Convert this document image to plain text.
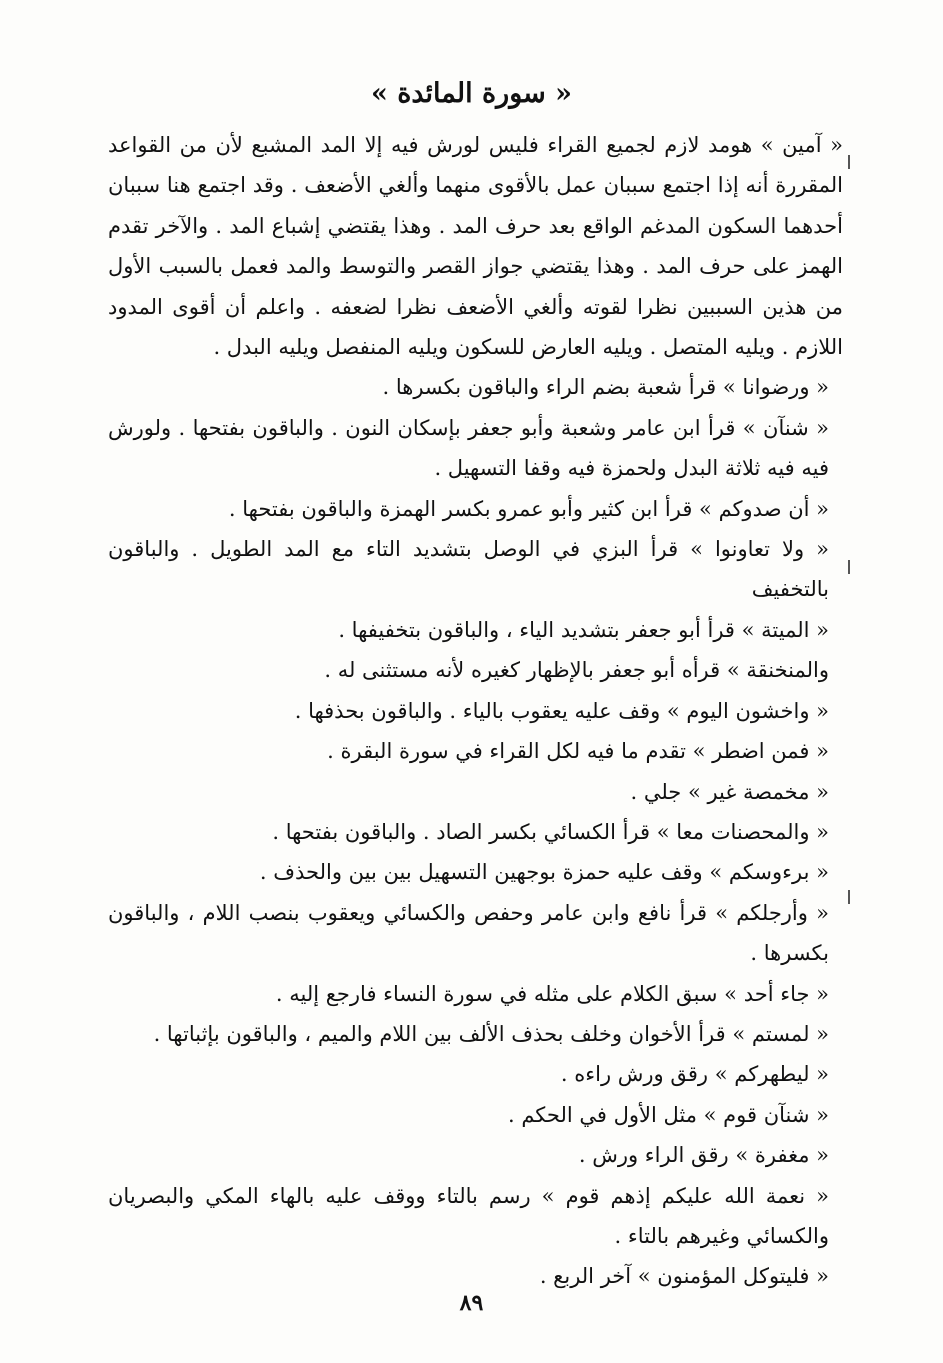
« سورة المائدة »

« آمين » هومد لازم لجميع القراء فليس لورش فيه إلا المد المشبع لأن من القواعد المقررة أنه إذا اجتمع سببان عمل بالأقوى منهما وألغي الأضعف . وقد اجتمع هنا سببان أحدهما السكون المدغم الواقع بعد حرف المد . وهذا يقتضي إشباع المد . والآخر تقدم الهمز على حرف المد . وهذا يقتضي جواز القصر والتوسط والمد فعمل بالسبب الأول من هذين السببين نظرا لقوته وألغي الأضعف نظرا لضعفه . واعلم أن أقوى المدود اللازم . ويليه المتصل . ويليه العارض للسكون ويليه المنفصل ويليه البدل .

« ورضوانا » قرأ شعبة بضم الراء والباقون بكسرها .

« شنآن » قرأ ابن عامر وشعبة وأبو جعفر بإسكان النون . والباقون بفتحها . ولورش فيه فيه ثلاثة البدل ولحمزة فيه وقفا التسهيل .

« أن صدوكم » قرأ ابن كثير وأبو عمرو بكسر الهمزة والباقون بفتحها .

« ولا تعاونوا » قرأ البزي في الوصل بتشديد التاء مع المد الطويل . والباقون بالتخفيف

« الميتة » قرأ أبو جعفر بتشديد الياء ، والباقون بتخفيفها .

والمنخنقة » قرأه أبو جعفر بالإظهار كغيره لأنه مستثنى له .

« واخشون اليوم » وقف عليه يعقوب بالياء . والباقون بحذفها .

« فمن اضطر » تقدم ما فيه لكل القراء في سورة البقرة .

« مخمصة غير » جلي .

« والمحصنات معا » قرأ الكسائي بكسر الصاد . والباقون بفتحها .

« برءوسكم » وقف عليه حمزة بوجهين التسهيل بين بين والحذف .

« وأرجلكم » قرأ نافع وابن عامر وحفص والكسائي ويعقوب بنصب اللام ، والباقون بكسرها .

« جاء أحد » سبق الكلام على مثله في سورة النساء فارجع إليه .

« لمستم » قرأ الأخوان وخلف بحذف الألف بين اللام والميم ، والباقون بإثباتها .

« ليطهركم » رقق ورش راءه .

« شنآن قوم » مثل الأول في الحكم .

« مغفرة » رقق الراء ورش .

« نعمة الله عليكم إذهم قوم » رسم بالتاء ووقف عليه بالهاء المكي والبصريان والكسائي وغيرهم بالتاء .

« فليتوكل المؤمنون » آخر الربع .

٨٩
